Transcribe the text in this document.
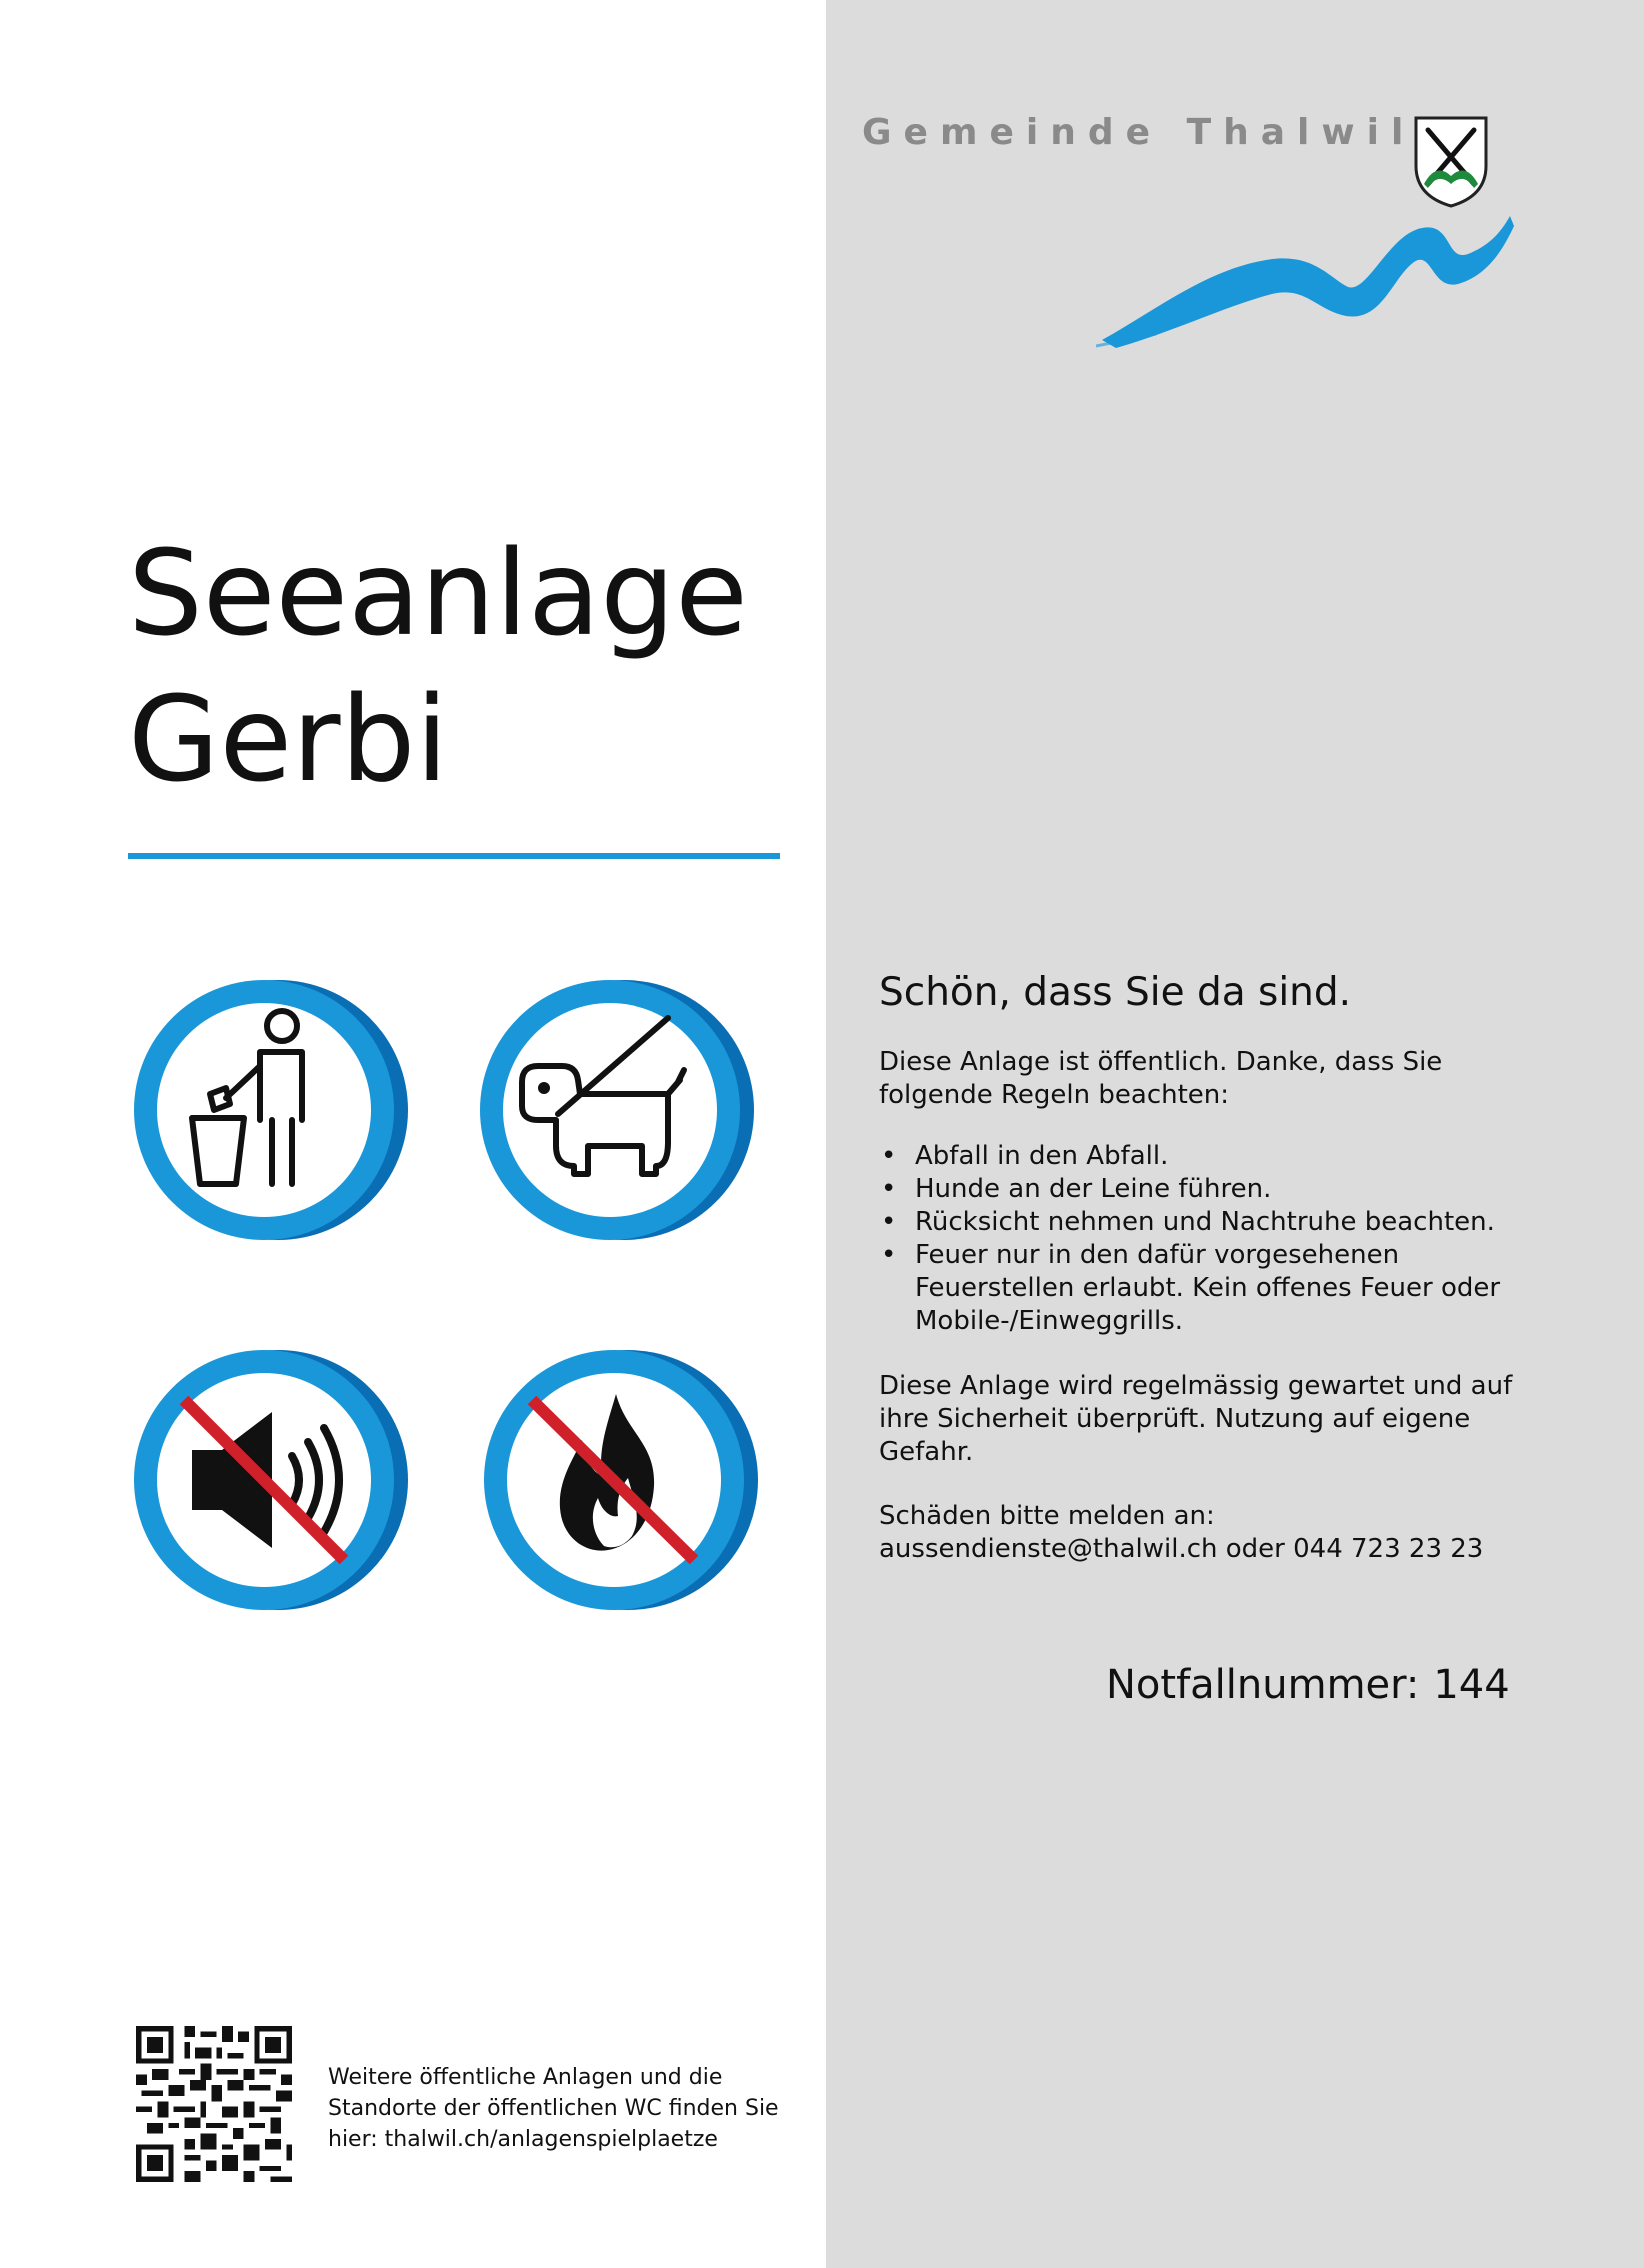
Gemeinde Thalwil
Seeanlage
Gerbi
Schön, dass Sie da sind.

Diese Anlage ist öffentlich. Danke, dass Sie folgende Regeln beachten:

• Abfall in den Abfall.
• Hunde an der Leine führen.
• Rücksicht nehmen und Nachtruhe beachten.
• Feuer nur in den dafür vorgesehenen Feuerstellen erlaubt. Kein offenes Feuer oder Mobile-/Einweggrills.

Diese Anlage wird regelmässig gewartet und auf ihre Sicherheit überprüft. Nutzung auf eigene Gefahr.

Schäden bitte melden an:

aussendienste@thalwil.ch oder 044 723 23 23

Notfallnummer: 144

Weitere öffentliche Anlagen und die Standorte der öffentlichen WC finden Sie hier: thalwil.ch/anlagenspielplaetze
